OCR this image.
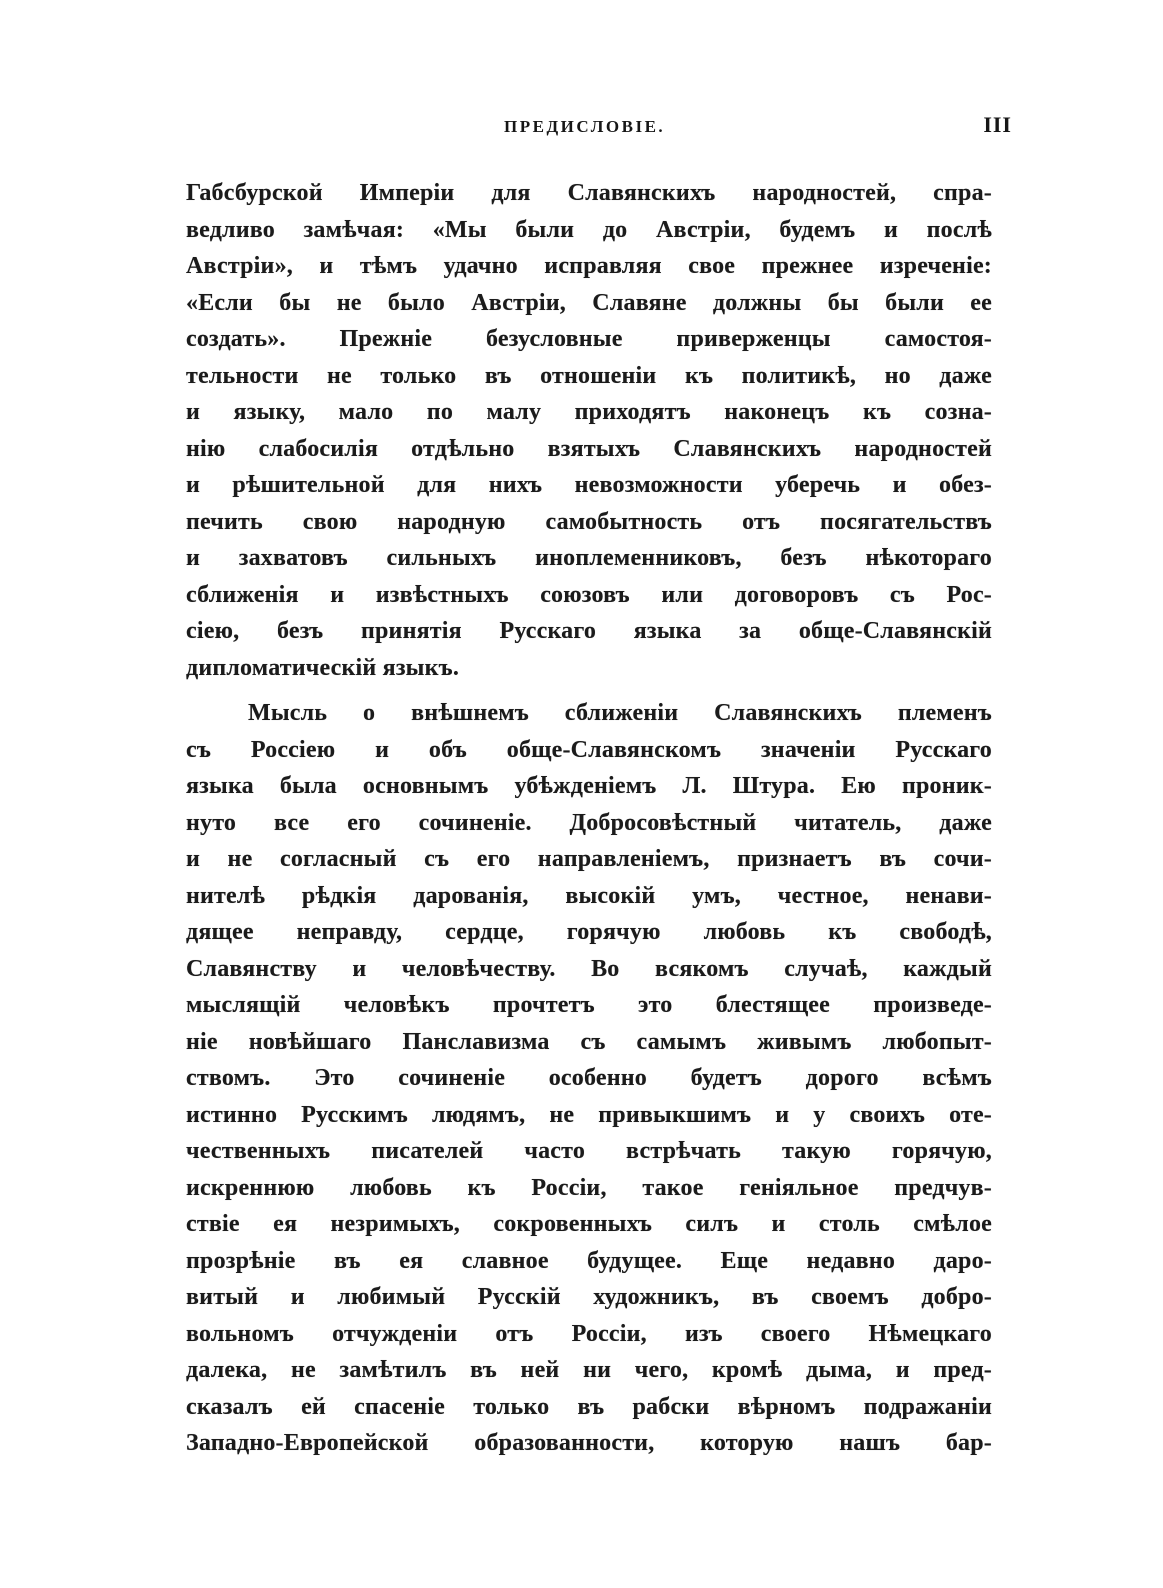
ПРЕДИСЛОВІЕ.	III
Габсбурской Имперіи для Славянскихъ народностей, спра-
ведливо замѣчая: «Мы были до Австріи, будемъ и послѣ
Австріи», и тѣмъ удачно исправляя свое прежнее изреченіе:
«Если бы не было Австріи, Славяне должны бы были ее
создать». Прежніе безусловные приверженцы самостоя-
тельности не только въ отношеніи къ политикѣ, но даже
и языку, мало по малу приходятъ наконецъ къ созна-
нію слабосилія отдѣльно взятыхъ Славянскихъ народностей
и рѣшительной для нихъ невозможности уберечь и обез-
печить свою народную самобытность отъ посягательствъ
и захватовъ сильныхъ иноплеменниковъ, безъ нѣкотораго
сближенія и извѣстныхъ союзовъ или договоровъ съ Рос-
сіею, безъ принятія Русскаго языка за обще-Славянскій
дипломатическій языкъ.
Мысль о внѣшнемъ сближеніи Славянскихъ племенъ
съ Россіею и объ обще-Славянскомъ значеніи Русскаго
языка была основнымъ убѣжденіемъ Л. Штура. Ею проник-
нуто все его сочиненіе. Добросовѣстный читатель, даже
и не согласный съ его направленіемъ, признаетъ въ сочи-
нителѣ рѣдкія дарованія, высокій умъ, честное, ненави-
дящее неправду, сердце, горячую любовь къ свободѣ,
Славянству и человѣчеству. Во всякомъ случаѣ, каждый
мыслящій человѣкъ прочтетъ это блестящее произведе-
ніе новѣйшаго Панславизма съ самымъ живымъ любопыт-
ствомъ. Это сочиненіе особенно будетъ дорого всѣмъ
истинно Русскимъ людямъ, не привыкшимъ и у своихъ оте-
чественныхъ писателей часто встрѣчать такую горячую,
искреннюю любовь къ Россіи, такое геніяльное предчув-
ствіе ея незримыхъ, сокровенныхъ силъ и столь смѣлое
прозрѣніе въ ея славное будущее. Еще недавно даро-
витый и любимый Русскій художникъ, въ своемъ добро-
вольномъ отчужденіи отъ Россіи, изъ своего Нѣмецкаго
далека, не замѣтилъ въ ней ни чего, кромѣ дыма, и пред-
сказалъ ей спасеніе только въ рабски вѣрномъ подражаніи
Западно-Европейской образованности, которую нашъ бар-
